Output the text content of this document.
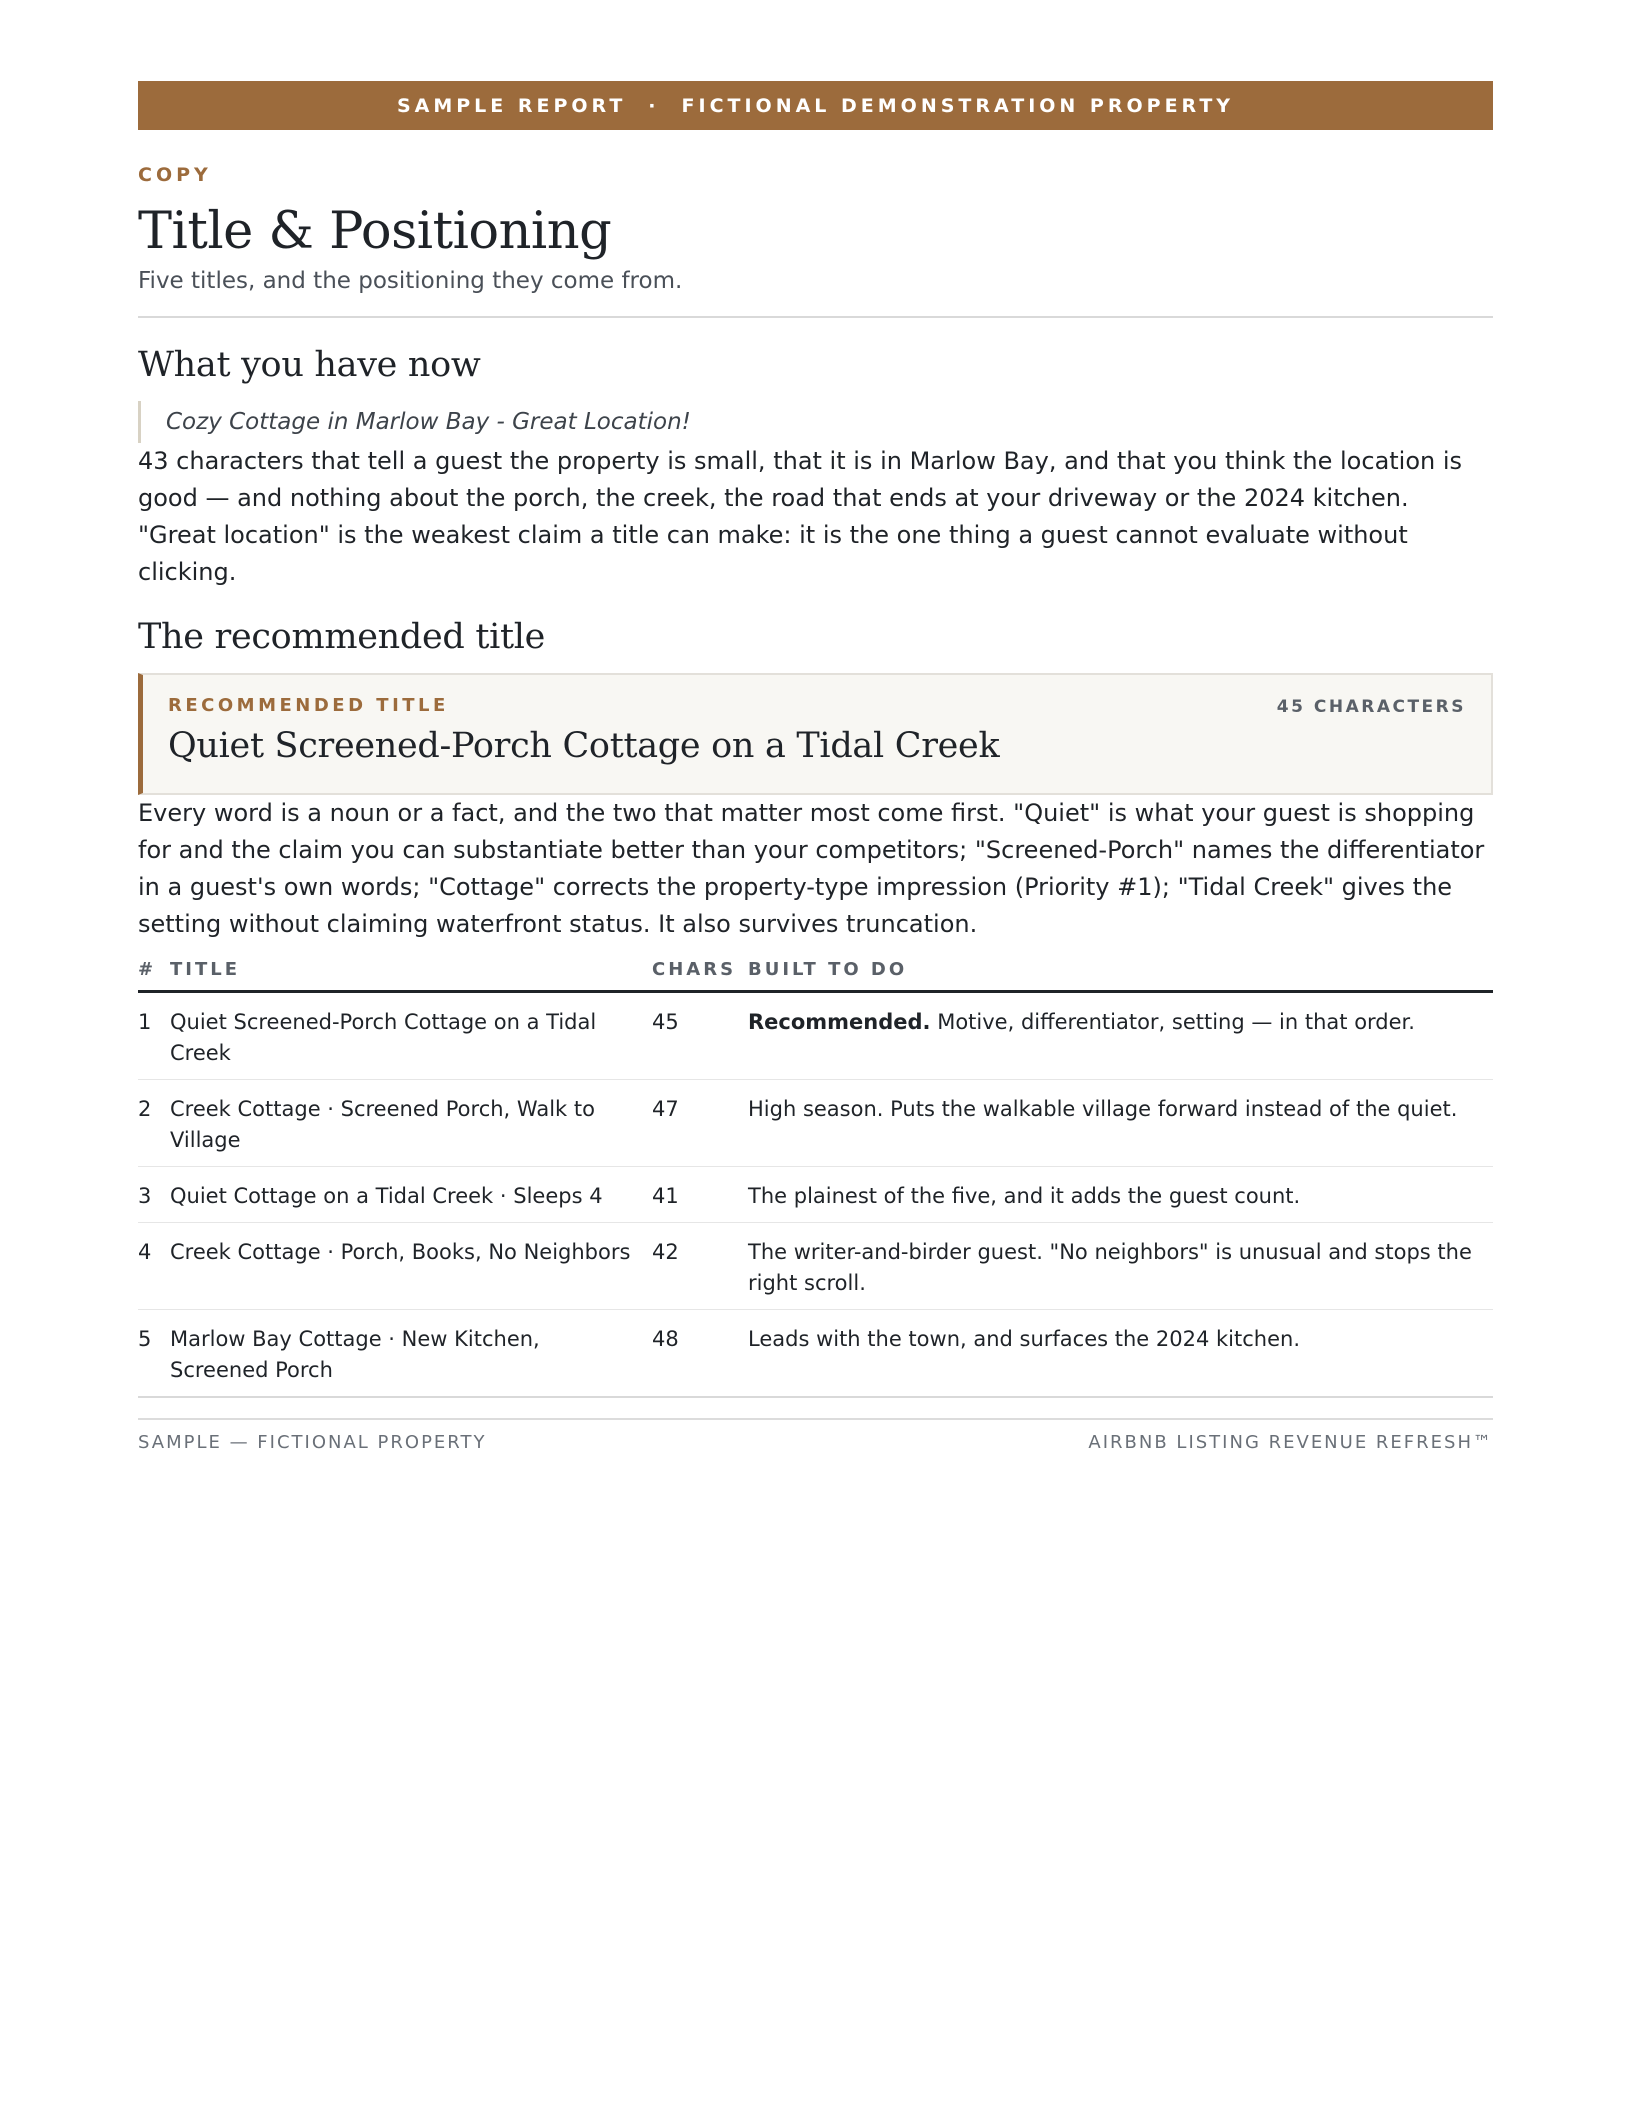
SAMPLE REPORT · FICTIONAL DEMONSTRATION PROPERTY
COPY
Title & Positioning
Five titles, and the positioning they come from.
What you have now
Cozy Cottage in Marlow Bay - Great Location!

43 characters that tell a guest the property is small, that it is in Marlow Bay, and that you think the location is good — and nothing about the porch, the creek, the road that ends at your driveway or the 2024 kitchen. "Great location" is the weakest claim a title can make: it is the one thing a guest cannot evaluate without clicking.

The recommended title
RECOMMENDED TITLE	45 CHARACTERS
Quiet Screened-Porch Cottage on a Tidal Creek

Every word is a noun or a fact, and the two that matter most come first. "Quiet" is what your guest is shopping for and the claim you can substantiate better than your competitors; "Screened-Porch" names the differentiator in a guest's own words; "Cottage" corrects the property-type impression (Priority #1); "Tidal Creek" gives the setting without claiming waterfront status. It also survives truncation.

#	TITLE	CHARS	BUILT TO DO
1	Quiet Screened-Porch Cottage on a Tidal Creek	45	Recommended. Motive, differentiator, setting — in that order.
2	Creek Cottage · Screened Porch, Walk to Village	47	High season. Puts the walkable village forward instead of the quiet.
3	Quiet Cottage on a Tidal Creek · Sleeps 4	41	The plainest of the five, and it adds the guest count.
4	Creek Cottage · Porch, Books, No Neighbors	42	The writer-and-birder guest. "No neighbors" is unusual and stops the right scroll.
5	Marlow Bay Cottage · New Kitchen, Screened Porch	48	Leads with the town, and surfaces the 2024 kitchen.
SAMPLE — FICTIONAL PROPERTY	AIRBNB LISTING REVENUE REFRESH™
